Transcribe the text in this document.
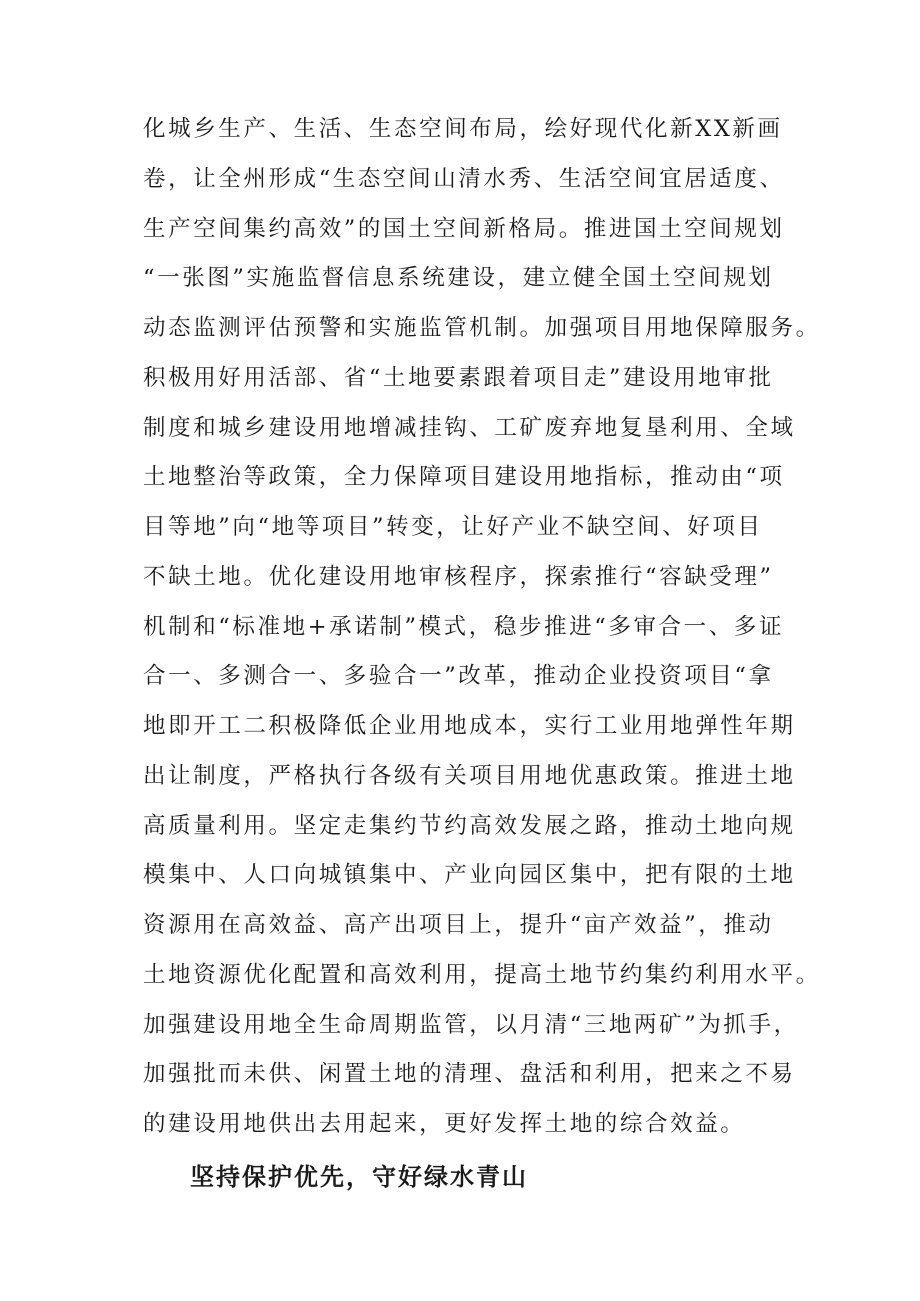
化城乡生产、生活、生态空间布局，绘好现代化新XX新画
卷，让全州形成“生态空间山清水秀、生活空间宜居适度、
生产空间集约高效”的国土空间新格局。推进国土空间规划
“一张图”实施监督信息系统建设，建立健全国土空间规划
动态监测评估预警和实施监管机制。加强项目用地保障服务。
积极用好用活部、省“土地要素跟着项目走”建设用地审批
制度和城乡建设用地增减挂钩、工矿废弃地复垦利用、全域
土地整治等政策，全力保障项目建设用地指标，推动由“项
目等地”向“地等项目”转变，让好产业不缺空间、好项目
不缺土地。优化建设用地审核程序，探索推行“容缺受理”
机制和“标准地+承诺制”模式，稳步推进“多审合一、多证
合一、多测合一、多验合一”改革，推动企业投资项目“拿
地即开工二积极降低企业用地成本，实行工业用地弹性年期
出让制度，严格执行各级有关项目用地优惠政策。推进土地
高质量利用。坚定走集约节约高效发展之路，推动土地向规
模集中、人口向城镇集中、产业向园区集中，把有限的土地
资源用在高效益、高产出项目上，提升“亩产效益”，推动
土地资源优化配置和高效利用，提高土地节约集约利用水平。
加强建设用地全生命周期监管，以月清“三地两矿”为抓手，
加强批而未供、闲置土地的清理、盘活和利用，把来之不易
的建设用地供出去用起来，更好发挥土地的综合效益。
坚持保护优先，守好绿水青山
